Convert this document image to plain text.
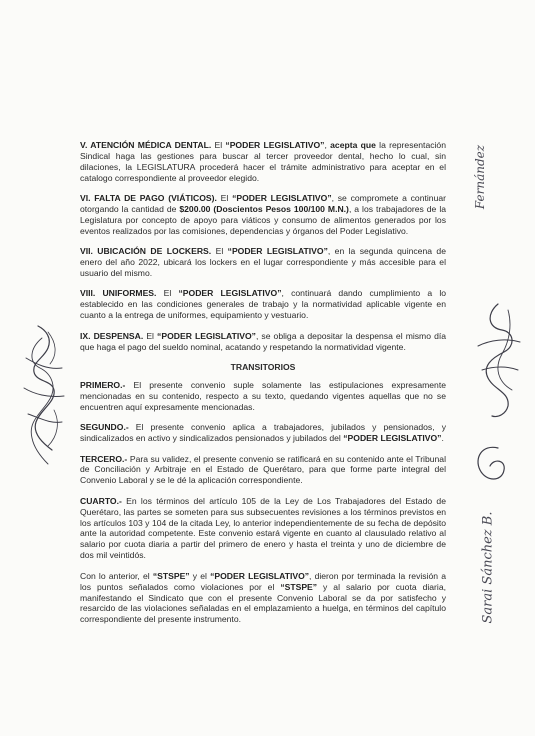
V. ATENCIÓN MÉDICA DENTAL. El “PODER LEGISLATIVO”, acepta que la representación Sindical haga las gestiones para buscar al tercer proveedor dental, hecho lo cual, sin dilaciones, la LEGISLATURA procederá hacer el trámite administrativo para aceptar en el catalogo correspondiente al proveedor elegido.

VI. FALTA DE PAGO (VIÁTICOS). El “PODER LEGISLATIVO”, se compromete a continuar otorgando la cantidad de $200.00 (Doscientos Pesos 100/100 M.N.), a los trabajadores de la Legislatura por concepto de apoyo para viáticos y consumo de alimentos generados por los eventos realizados por las comisiones, dependencias y órganos del Poder Legislativo.

VII. UBICACIÓN DE LOCKERS. El “PODER LEGISLATIVO”, en la segunda quincena de enero del año 2022, ubicará los lockers en el lugar correspondiente y más accesible para el usuario del mismo.

VIII. UNIFORMES. El “PODER LEGISLATIVO”, continuará dando cumplimiento a lo establecido en las condiciones generales de trabajo y la normatividad aplicable vigente en cuanto a la entrega de uniformes, equipamiento y vestuario.

IX. DESPENSA. El “PODER LEGISLATIVO”, se obliga a depositar la despensa el mismo día que haga el pago del sueldo nominal, acatando y respetando la normatividad vigente.

TRANSITORIOS

PRIMERO.- El presente convenio suple solamente las estipulaciones expresamente mencionadas en su contenido, respecto a su texto, quedando vigentes aquellas que no se encuentren aquí expresamente mencionadas.

SEGUNDO.- El presente convenio aplica a trabajadores, jubilados y pensionados, y sindicalizados en activo y sindicalizados pensionados y jubilados del “PODER LEGISLATIVO”.

TERCERO.- Para su validez, el presente convenio se ratificará en su contenido ante el Tribunal de Conciliación y Arbitraje en el Estado de Querétaro, para que forme parte integral del Convenio Laboral y se le dé la aplicación correspondiente.

CUARTO.- En los términos del artículo 105 de la Ley de Los Trabajadores del Estado de Querétaro, las partes se someten para sus subsecuentes revisiones a los términos previstos en los artículos 103 y 104 de la citada Ley, lo anterior independientemente de su fecha de depósito ante la autoridad competente. Este convenio estará vigente en cuanto al clausulado relativo al salario por cuota diaria a partir del primero de enero y hasta el treinta y uno de diciembre de dos mil veintidós.

Con lo anterior, el “STSPE” y el “PODER LEGISLATIVO”, dieron por terminada la revisión a los puntos señalados como violaciones por el “STSPE” y al salario por cuota diaria, manifestando el Sindicato que con el presente Convenio Laboral se da por satisfecho y resarcido de las violaciones señaladas en el emplazamiento a huelga, en términos del capítulo correspondiente del presente instrumento.

Fernández
Sarai Sánchez B.
